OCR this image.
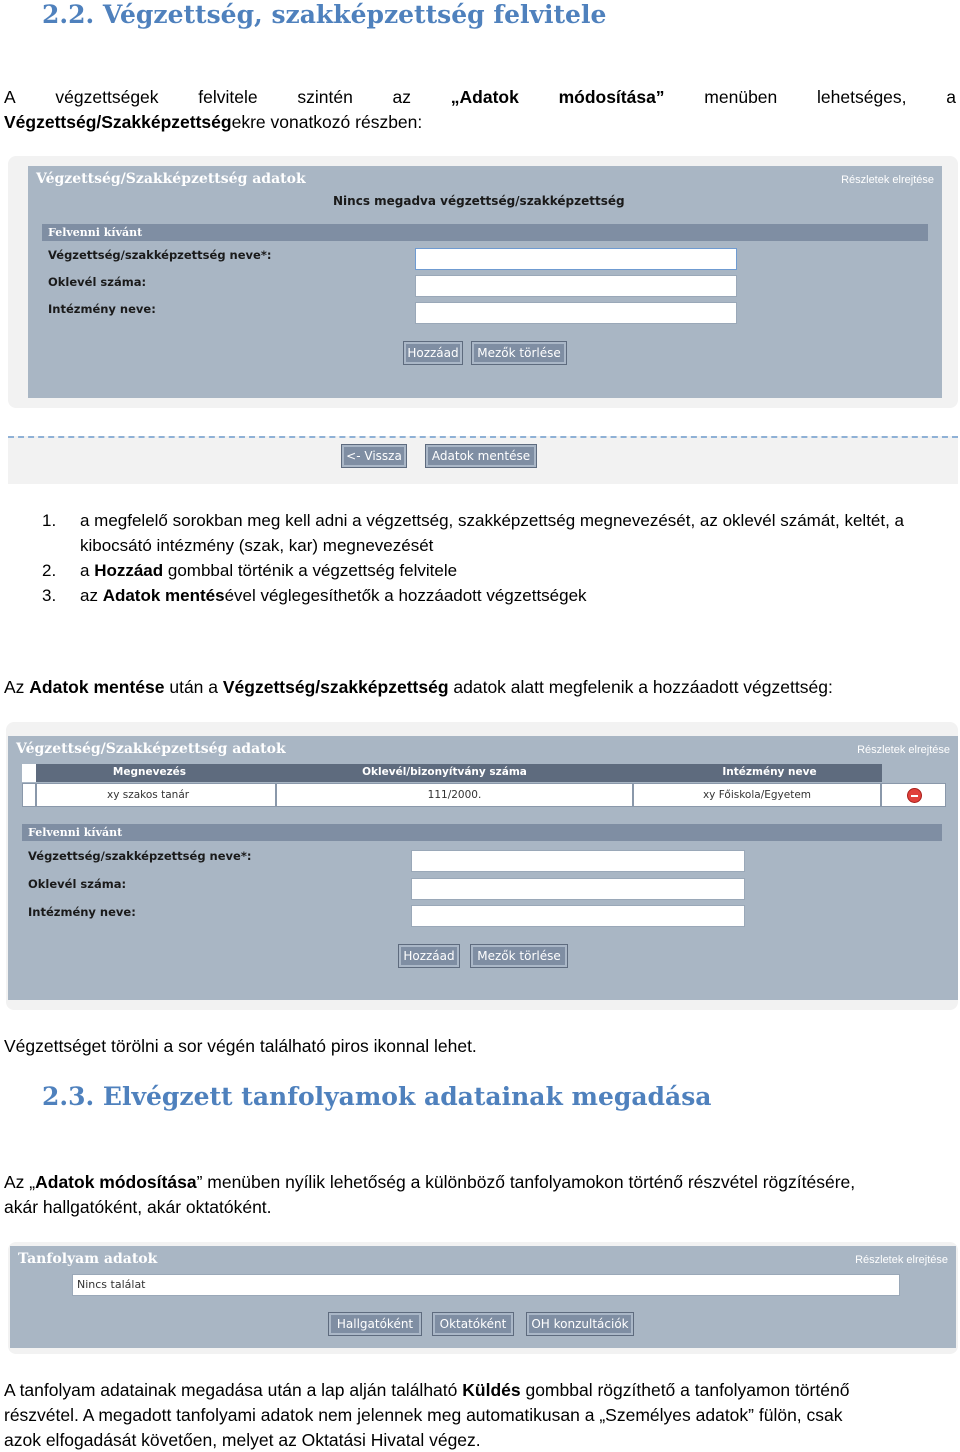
2.2. Végzettség, szakképzettség felvitele
A végzettségek felvitele szintén az „Adatok módosítása” menüben lehetséges, a
Végzettség/Szakképzettségekre vonatkozó részben:
Végzettség/Szakképzettség adatok	Részletek elrejtése
Nincs megadva végzettség/szakképzettség
Felvenni kívánt
Végzettség/szakképzettség neve*:
Oklevél száma:
Intézmény neve:
Hozzáad	Mezők törlése
<- Vissza	Adatok mentése
1. a megfelelő sorokban meg kell adni a végzettség, szakképzettség megnevezését, az oklevél számát, keltét, a kibocsátó intézmény (szak, kar) megnevezését
2. a Hozzáad gombbal történik a végzettség felvitele
3. az Adatok mentésével véglegesíthetők a hozzáadott végzettségek
Az Adatok mentése után a Végzettség/szakképzettség adatok alatt megfelenik a hozzáadott végzettség:
Végzettség/Szakképzettség adatok	Részletek elrejtése
Megnevezés	Oklevél/bizonyítvány száma	Intézmény neve
xy szakos tanár	111/2000.	xy Főiskola/Egyetem
Felvenni kívánt
Végzettség/szakképzettség neve*:
Oklevél száma:
Intézmény neve:
Hozzáad	Mezők törlése
Végzettséget törölni a sor végén található piros ikonnal lehet.
2.3. Elvégzett tanfolyamok adatainak megadása
Az „Adatok módosítása” menüben nyílik lehetőség a különböző tanfolyamokon történő részvétel rögzítésére,
akár hallgatóként, akár oktatóként.
Tanfolyam adatok	Részletek elrejtése
Nincs találat
Hallgatóként	Oktatóként	OH konzultációk
A tanfolyam adatainak megadása után a lap alján található Küldés gombbal rögzíthető a tanfolyamon történő
részvétel. A megadott tanfolyami adatok nem jelennek meg automatikusan a „Személyes adatok” fülön, csak
azok elfogadását követően, melyet az Oktatási Hivatal végez.
